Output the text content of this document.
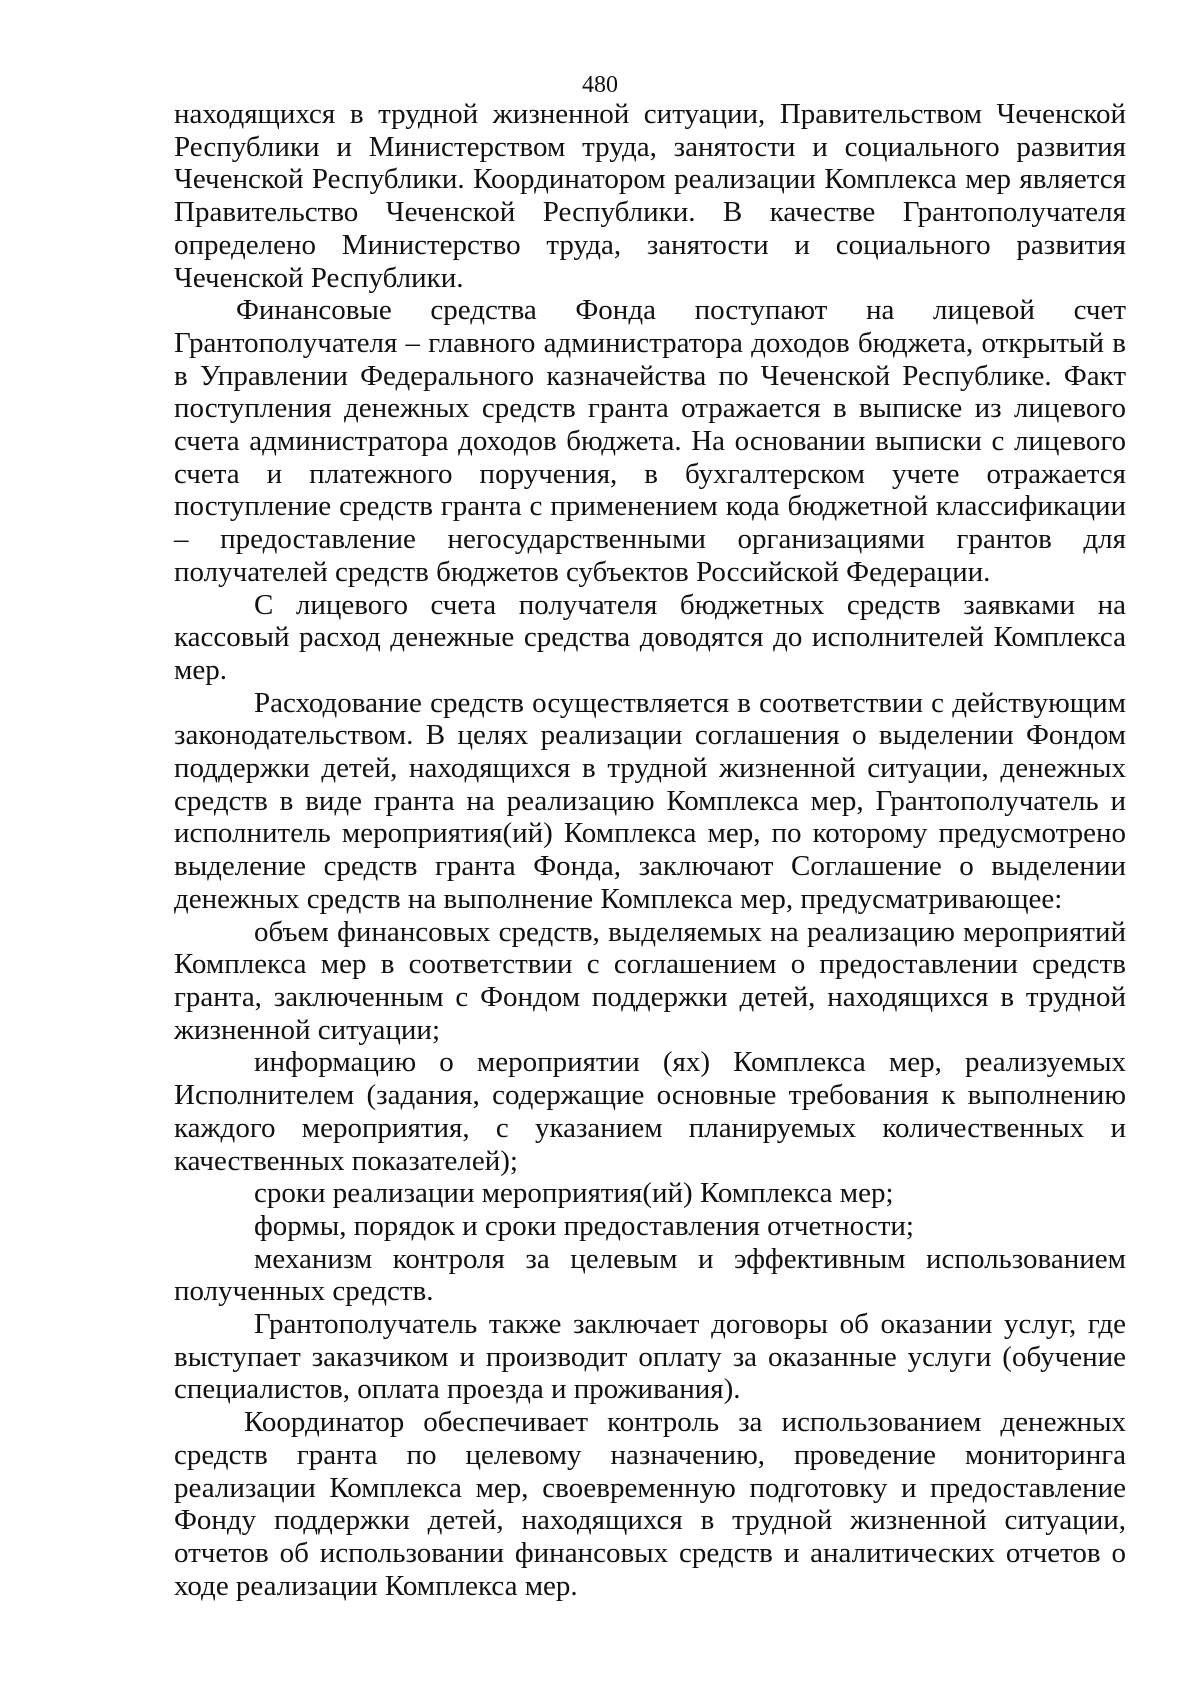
480

находящихся в трудной жизненной ситуации, Правительством Чеченской Республики и Министерством труда, занятости и социального развития Чеченской Республики. Координатором реализации Комплекса мер является Правительство Чеченской Республики. В качестве Грантополучателя определено Министерство труда, занятости и социального развития Чеченской Республики.

Финансовые средства Фонда поступают на лицевой счет Грантополучателя – главного администратора доходов бюджета, открытый в в Управлении Федерального казначейства по Чеченской Республике. Факт поступления денежных средств гранта отражается в выписке из лицевого счета администратора доходов бюджета. На основании выписки с лицевого счета и платежного поручения, в бухгалтерском учете отражается поступление средств гранта с применением кода бюджетной классификации – предоставление негосударственными организациями грантов для получателей средств бюджетов субъектов Российской Федерации.

С лицевого счета получателя бюджетных средств заявками на кассовый расход денежные средства доводятся до исполнителей Комплекса мер.

Расходование средств осуществляется в соответствии с действующим законодательством. В целях реализации соглашения о выделении Фондом поддержки детей, находящихся в трудной жизненной ситуации, денежных средств в виде гранта на реализацию Комплекса мер, Грантополучатель и исполнитель мероприятия(ий) Комплекса мер, по которому предусмотрено выделение средств гранта Фонда, заключают Соглашение о выделении денежных средств на выполнение Комплекса мер, предусматривающее:

объем финансовых средств, выделяемых на реализацию мероприятий Комплекса мер в соответствии с соглашением о предоставлении средств гранта, заключенным с Фондом поддержки детей, находящихся в трудной жизненной ситуации;

информацию о мероприятии (ях) Комплекса мер, реализуемых Исполнителем (задания, содержащие основные требования к выполнению каждого мероприятия, с указанием планируемых количественных и качественных показателей);

сроки реализации мероприятия(ий) Комплекса мер;

формы, порядок и сроки предоставления отчетности;

механизм контроля за целевым и эффективным использованием полученных средств.

Грантополучатель также заключает договоры об оказании услуг, где выступает заказчиком и производит оплату за оказанные услуги (обучение специалистов, оплата проезда и проживания).

Координатор обеспечивает контроль за использованием денежных средств гранта по целевому назначению, проведение мониторинга реализации Комплекса мер, своевременную подготовку и предоставление Фонду поддержки детей, находящихся в трудной жизненной ситуации, отчетов об использовании финансовых средств и аналитических отчетов о ходе реализации Комплекса мер.
